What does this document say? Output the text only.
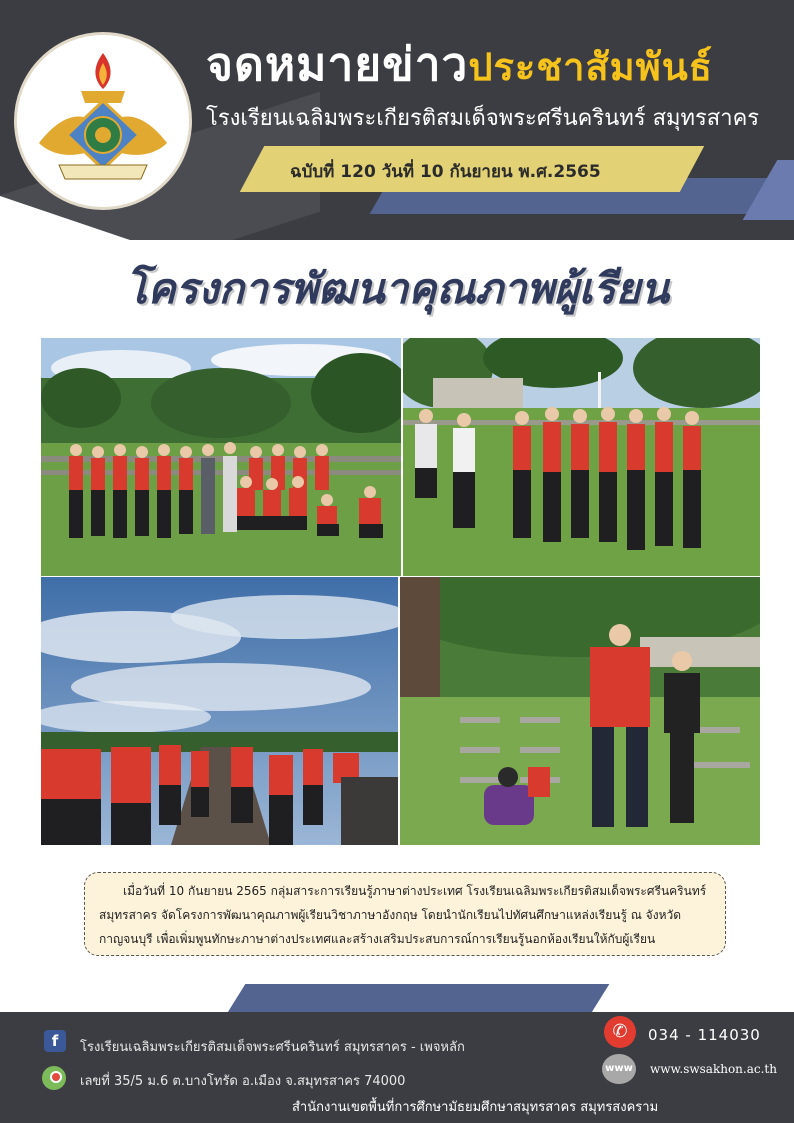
จดหมายข่าวประชาสัมพันธ์
โรงเรียนเฉลิมพระเกียรติสมเด็จพระศรีนครินทร์ สมุทรสาคร
ฉบับที่ 120 วันที่ 10 กันยายน พ.ศ.2565
โครงการพัฒนาคุณภาพผู้เรียน

เมื่อวันที่ 10 กันยายน 2565 กลุ่มสาระการเรียนรู้ภาษาต่างประเทศ โรงเรียนเฉลิมพระเกียรติสมเด็จพระศรีนครินทร์ สมุทรสาคร จัดโครงการพัฒนาคุณภาพผู้เรียนวิชาภาษาอังกฤษ โดยนำนักเรียนไปทัศนศึกษาแหล่งเรียนรู้ ณ จังหวัดกาญจนบุรี เพื่อเพิ่มพูนทักษะภาษาต่างประเทศและสร้างเสริมประสบการณ์การเรียนรู้นอกห้องเรียนให้กับผู้เรียน

f	โรงเรียนเฉลิมพระเกียรติสมเด็จพระศรีนครินทร์ สมุทรสาคร - เพจหลัก
เลขที่ 35/5 ม.6 ต.บางโทรัด อ.เมือง จ.สมุทรสาคร 74000
✆	034 - 114030
www www.swsakhon.ac.th
สำนักงานเขตพื้นที่การศึกษามัธยมศึกษาสมุทรสาคร สมุทรสงคราม
